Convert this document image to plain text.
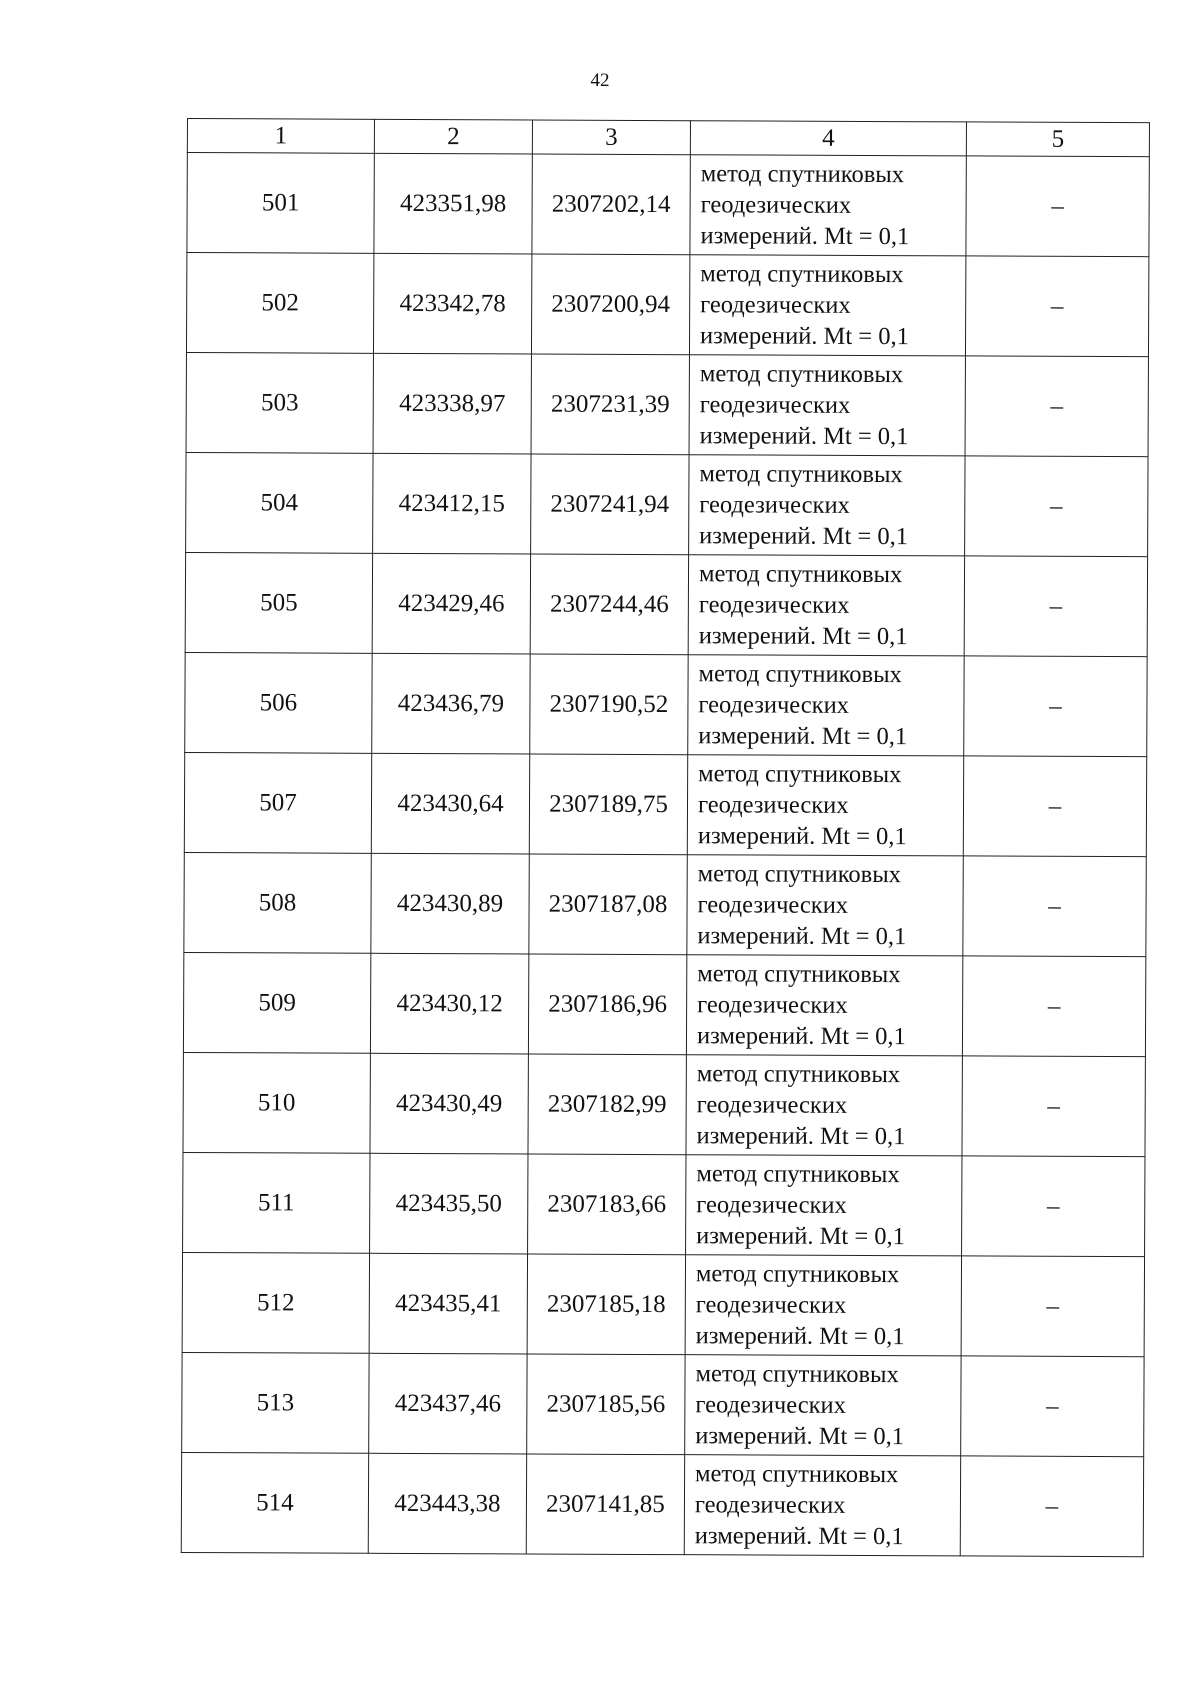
42
1	2	3	4	5
501	423351,98	2307202,14	метод спутниковых
геодезических
измерений. Mt = 0,1	–
502	423342,78	2307200,94	метод спутниковых
геодезических
измерений. Mt = 0,1	–
503	423338,97	2307231,39	метод спутниковых
геодезических
измерений. Mt = 0,1	–
504	423412,15	2307241,94	метод спутниковых
геодезических
измерений. Mt = 0,1	–
505	423429,46	2307244,46	метод спутниковых
геодезических
измерений. Mt = 0,1	–
506	423436,79	2307190,52	метод спутниковых
геодезических
измерений. Mt = 0,1	–
507	423430,64	2307189,75	метод спутниковых
геодезических
измерений. Mt = 0,1	–
508	423430,89	2307187,08	метод спутниковых
геодезических
измерений. Mt = 0,1	–
509	423430,12	2307186,96	метод спутниковых
геодезических
измерений. Mt = 0,1	–
510	423430,49	2307182,99	метод спутниковых
геодезических
измерений. Mt = 0,1	–
511	423435,50	2307183,66	метод спутниковых
геодезических
измерений. Mt = 0,1	–
512	423435,41	2307185,18	метод спутниковых
геодезических
измерений. Mt = 0,1	–
513	423437,46	2307185,56	метод спутниковых
геодезических
измерений. Mt = 0,1	–
514	423443,38	2307141,85	метод спутниковых
геодезических
измерений. Mt = 0,1	–
